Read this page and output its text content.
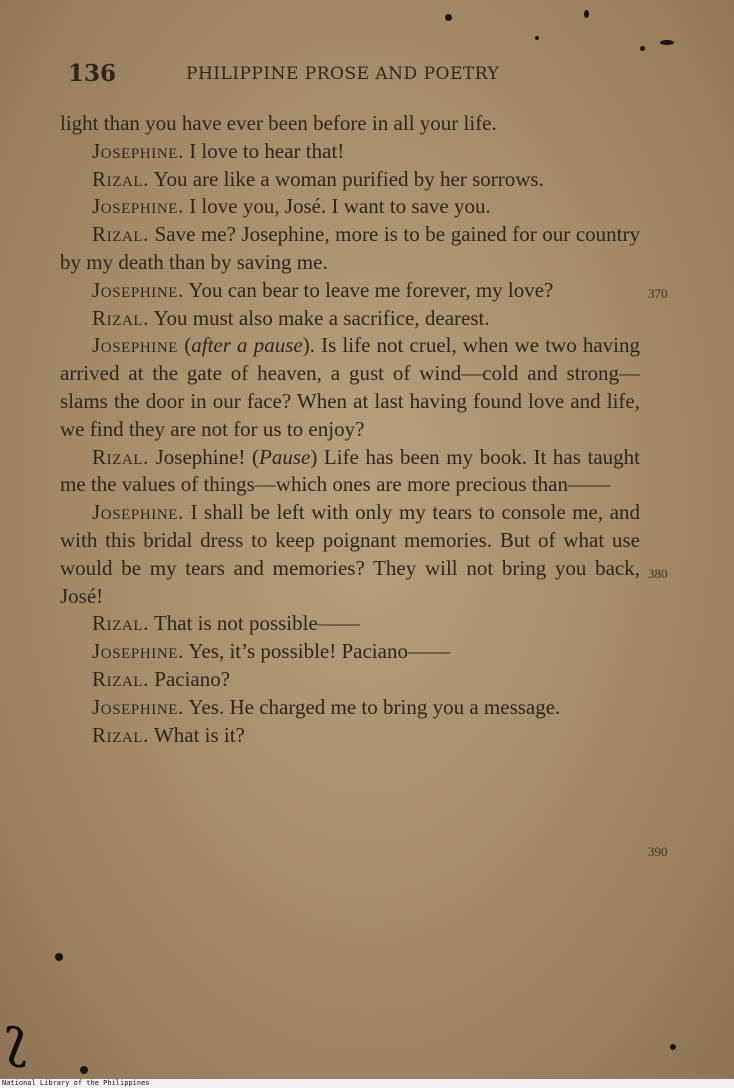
136	PHILIPPINE PROSE AND POETRY

light than you have ever been before in all your life.

Josephine. I love to hear that!

Rizal. You are like a woman purified by her sorrows.

Josephine. I love you, José. I want to save you.

Rizal. Save me? Josephine, more is to be gained for our country by my death than by saving me.

Josephine. You can bear to leave me forever, my love?

Rizal. You must also make a sacrifice, dearest.

Josephine (after a pause). Is life not cruel, when we two having arrived at the gate of heaven, a gust of wind—cold and strong—slams the door in our face? When at last having found love and life, we find they are not for us to enjoy?

Rizal. Josephine! (Pause) Life has been my book. It has taught me the values of things—which ones are more precious than——

Josephine. I shall be left with only my tears to console me, and with this bridal dress to keep poignant memories. But of what use would be my tears and memories? They will not bring you back, José!

Rizal. That is not possible——

Josephine. Yes, it’s possible! Paciano——

Rizal. Paciano?

Josephine. Yes. He charged me to bring you a message.

Rizal. What is it?

370
380
390
ʅ
National Library of the Philippines
